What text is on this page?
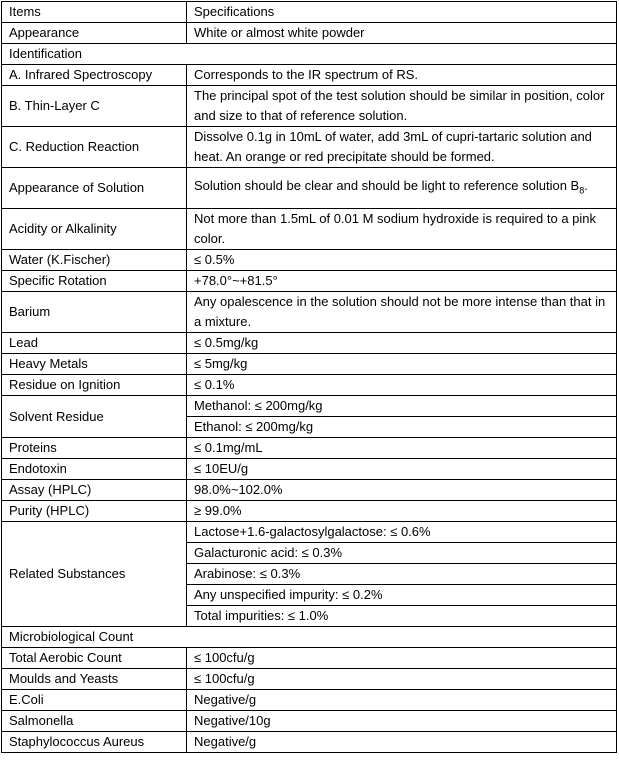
Items	Specifications
Appearance	White or almost white powder
Identification	
A. Infrared Spectroscopy	Corresponds to the IR spectrum of RS.
B. Thin-Layer C	The principal spot of the test solution should be similar in position, color and size to that of reference solution.
C. Reduction Reaction	Dissolve 0.1g in 10mL of water, add 3mL of cupri-tartaric solution and heat. An orange or red precipitate should be formed.
Appearance of Solution	Solution should be clear and should be light to reference solution $B_8$.
Acidity or Alkalinity	Not more than 1.5mL of 0.01 M sodium hydroxide is required to a pink color.
Water (K.Fischer)	≤ 0.5%
Specific Rotation	+78.0°~+81.5°
Barium	Any opalescence in the solution should not be more intense than that in a mixture.
Lead	≤ 0.5mg/kg
Heavy Metals	≤ 5mg/kg
Residue on Ignition	≤ 0.1%
Solvent Residue	Methanol: ≤ 200mg/kg
	Ethanol: ≤ 200mg/kg
Proteins	≤ 0.1mg/mL
Endotoxin	≤ 10EU/g
Assay (HPLC)	98.0%~102.0%
Purity (HPLC)	≥ 99.0%
Related Substances	Lactose+1.6-galactosylgalactose: ≤ 0.6%
	Galacturonic acid: ≤ 0.3%
	Arabinose: ≤ 0.3%
	Any unspecified impurity: ≤ 0.2%
	Total impurities: ≤ 1.0%
Microbiological Count	
Total Aerobic Count	≤ 100cfu/g
Moulds and Yeasts	≤ 100cfu/g
E.Coli	Negative/g
Salmonella	Negative/10g
Staphylococcus Aureus	Negative/g
